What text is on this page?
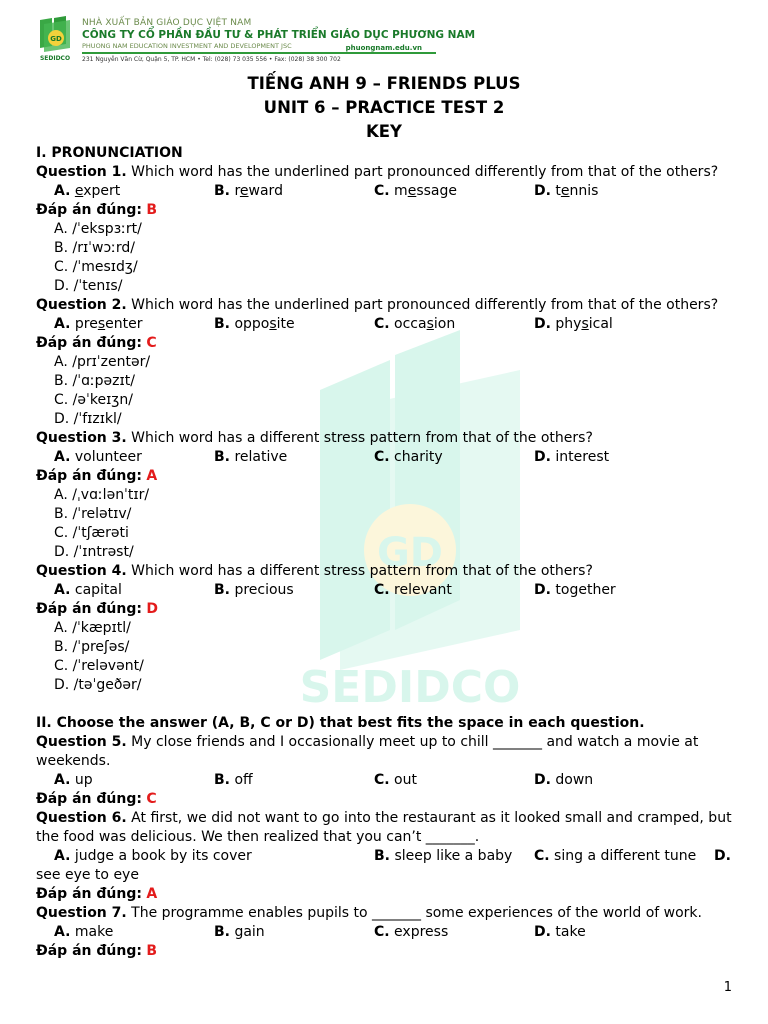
GD
SEDIDCO
NHÀ XUẤT BẢN GIÁO DỤC VIỆT NAM
CÔNG TY CỔ PHẦN ĐẦU TƯ & PHÁT TRIỂN GIÁO DỤC PHƯƠNG NAM
PHUONG NAM EDUCATION INVESTMENT AND DEVELOPMENT JSC
231 Nguyễn Văn Cừ, Quận 5, TP. HCM • Tel: (028) 73 035 556 • Fax: (028) 38 300 702
phuongnam.edu.vn
GD
SEDIDCO
TIẾNG ANH 9 – FRIENDS PLUS
UNIT 6 – PRACTICE TEST 2
KEY
I. PRONUNCIATION
Question 1. Which word has the underlined part pronounced differently from that of the others?
A. expert	B. reward	C. message	D. tennis
Đáp án đúng: B
A. /ˈekspɜːrt/
B. /rɪˈwɔːrd/
C. /ˈmesɪdʒ/
D. /ˈtenɪs/
Question 2. Which word has the underlined part pronounced differently from that of the others?
A. presenter	B. opposite	C. occasion	D. physical
Đáp án đúng: C
A. /prɪˈzentər/
B. /ˈɑːpəzɪt/
C. /əˈkeɪʒn/
D. /ˈfɪzɪkl/
Question 3. Which word has a different stress pattern from that of the others?
A. volunteer	B. relative	C. charity	D. interest
Đáp án đúng: A
A. /ˌvɑːlənˈtɪr/
B. /ˈrelətɪv/
C. /ˈtʃærəti
D. /ˈɪntrəst/
Question 4. Which word has a different stress pattern from that of the others?
A. capital	B. precious	C. relevant	D. together
Đáp án đúng: D
A. /ˈkæpɪtl/
B. /ˈpreʃəs/
C. /ˈreləvənt/
D. /təˈgeðər/
II. Choose the answer (A, B, C or D) that best fits the space in each question.
Question 5. My close friends and I occasionally meet up to chill _______ and watch a movie at
weekends.
A. up	B. off	C. out	D. down
Đáp án đúng: C
Question 6. At first, we did not want to go into the restaurant as it looked small and cramped, but
the food was delicious. We then realized that you can’t _______.
A. judge a book by its cover	B. sleep like a baby C. sing a different tune D.
see eye to eye
Đáp án đúng: A
Question 7. The programme enables pupils to _______ some experiences of the world of work.
A. make	B. gain	C. express	D. take
Đáp án đúng: B
1
